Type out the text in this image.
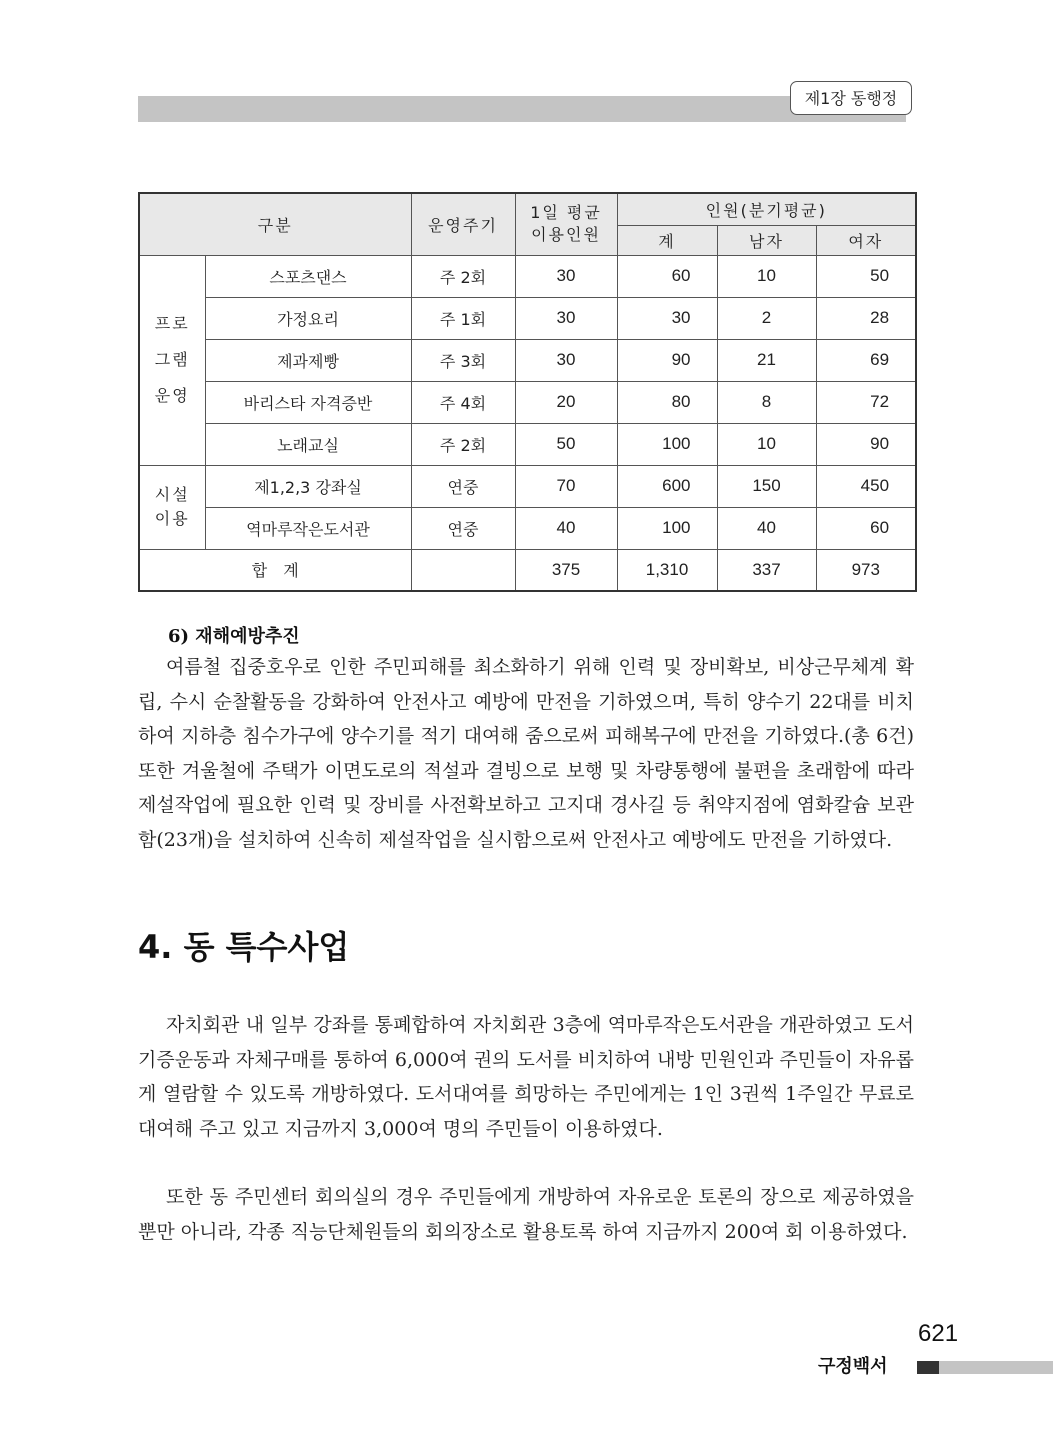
제1장 동행정
구분		운영주기	1일 평균
이용인원	인원(분기평균)		
				계	남자	여자
프로
그램
운영	스포츠댄스	주 2회	30	60	10	50
	가정요리	주 1회	30	30	2	28
	제과제빵	주 3회	30	90	21	69
	바리스타 자격증반	주 4회	20	80	8	72
	노래교실	주 2회	50	100	10	90
시설
이용	제1,2,3 강좌실	연중	70	600	150	450
	역마루작은도서관	연중	40	100	40	60
합　계			375	1,310	337	973
6) 재해예방추진

여름철 집중호우로 인한 주민피해를 최소화하기 위해 인력 및 장비확보, 비상근무체계 확립, 수시 순찰활동을 강화하여 안전사고 예방에 만전을 기하였으며, 특히 양수기 22대를 비치하여 지하층 침수가구에 양수기를 적기 대여해 줌으로써 피해복구에 만전을 기하였다.(총 6건) 또한 겨울철에 주택가 이면도로의 적설과 결빙으로 보행 및 차량통행에 불편을 초래함에 따라 제설작업에 필요한 인력 및 장비를 사전확보하고 고지대 경사길 등 취약지점에 염화칼슘 보관함(23개)을 설치하여 신속히 제설작업을 실시함으로써 안전사고 예방에도 만전을 기하였다.

4. 동 특수사업

자치회관 내 일부 강좌를 통폐합하여 자치회관 3층에 역마루작은도서관을 개관하였고 도서기증운동과 자체구매를 통하여 6,000여 권의 도서를 비치하여 내방 민원인과 주민들이 자유롭게 열람할 수 있도록 개방하였다. 도서대여를 희망하는 주민에게는 1인 3권씩 1주일간 무료로 대여해 주고 있고 지금까지 3,000여 명의 주민들이 이용하였다.

또한 동 주민센터 회의실의 경우 주민들에게 개방하여 자유로운 토론의 장으로 제공하였을 뿐만 아니라, 각종 직능단체원들의 회의장소로 활용토록 하여 지금까지 200여 회 이용하였다.

621
구정백서
